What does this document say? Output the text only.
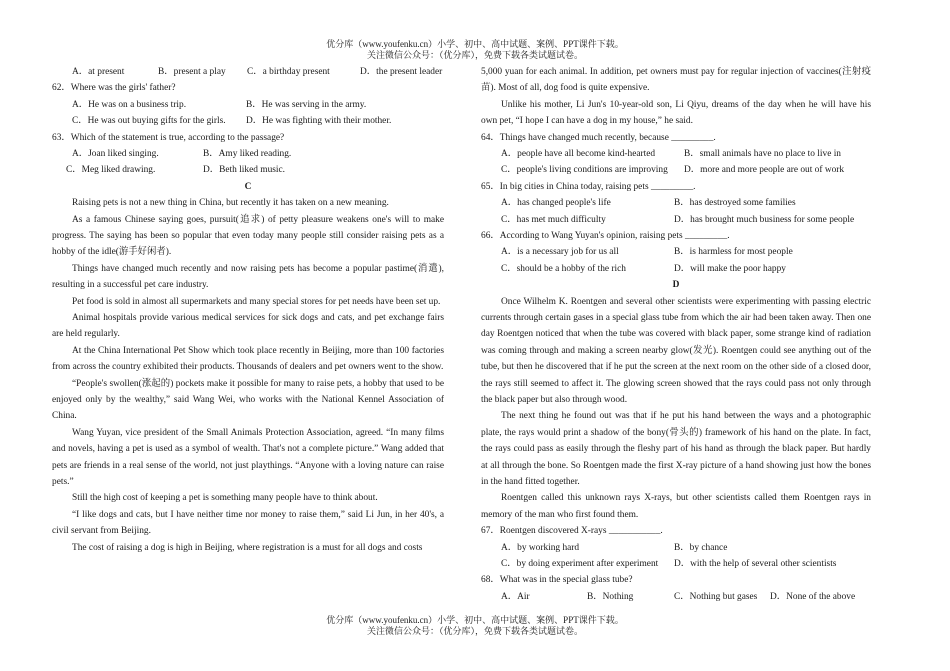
优分库（www.youfenku.cn）小学、初中、高中试题、案例、PPT课件下载。
关注微信公众号：（优分库），免费下载各类试题试卷。
A．at present	B．present a play C．a birthday present	D．the present leader
62．Where was the girls' father?
A．He was on a business trip.	B．He was serving in the army.
C．He was out buying gifts for the girls. D．He was fighting with their mother.
63．Which of the statement is true, according to the passage?
A．Joan liked singing.	B．Amy liked reading.
C．Meg liked drawing.	D．Beth liked music.
C

Raising pets is not a new thing in China, but recently it has taken on a new meaning.

As a famous Chinese saying goes, pursuit(追求) of petty pleasure weakens one's will to make progress. The saying has been so popular that even today many people still consider raising pets as a hobby of the idle(游手好闲者).

Things have changed much recently and now raising pets has become a popular pastime(消遣), resulting in a successful pet care industry.

Pet food is sold in almost all supermarkets and many special stores for pet needs have been set up.

Animal hospitals provide various medical services for sick dogs and cats, and pet exchange fairs are held regularly.

At the China International Pet Show which took place recently in Beijing, more than 100 factories from across the country exhibited their products. Thousands of dealers and pet owners went to the show.

“People's swollen(涨起的) pockets make it possible for many to raise pets, a hobby that used to be enjoyed only by the wealthy,” said Wang Wei, who works with the National Kennel Association of China.

Wang Yuyan, vice president of the Small Animals Protection Association, agreed. “In many films and novels, having a pet is used as a symbol of wealth. That's not a complete picture.” Wang added that pets are friends in a real sense of the world, not just playthings. “Anyone with a loving nature can raise pets.”

Still the high cost of keeping a pet is something many people have to think about.

“I like dogs and cats, but I have neither time nor money to raise them,” said Li Jun, in her 40's, a civil servant from Beijing.

The cost of raising a dog is high in Beijing, where registration is a must for all dogs and costs

5,000 yuan for each animal. In addition, pet owners must pay for regular injection of vaccines(注射疫苗). Most of all, dog food is quite expensive.

Unlike his mother, Li Jun's 10-year-old son, Li Qiyu, dreams of the day when he will have his own pet, “I hope I can have a dog in my house,” he said.

64．Things have changed much recently, because _________.
A．people have all become kind-hearted	B．small animals have no place to live in
C．people's living conditions are improving D．more and more people are out of work
65．In big cities in China today, raising pets _________.
A．has changed people's life	B．has destroyed some families
C．has met much difficulty	D．has brought much business for some people
66．According to Wang Yuyan's opinion, raising pets _________.
A．is a necessary job for us all	B．is harmless for most people
C．should be a hobby of the rich	D．will make the poor happy
D

Once Wilhelm K. Roentgen and several other scientists were experimenting with passing electric currents through certain gases in a special glass tube from which the air had been taken away. Then one day Roentgen noticed that when the tube was covered with black paper, some strange kind of radiation was coming through and making a screen nearby glow(发光). Roentgen could see anything out of the tube, but then he discovered that if he put the screen at the next room on the other side of a closed door, the rays still seemed to affect it. The glowing screen showed that the rays could pass not only through the black paper but also through wood.

The next thing he found out was that if he put his hand between the ways and a photographic plate, the rays would print a shadow of the bony(骨头的) framework of his hand on the plate. In fact, the rays could pass as easily through the fleshy part of his hand as through the black paper. But hardly at all through the bone. So Roentgen made the first X-ray picture of a hand showing just how the bones in the hand fitted together.

Roentgen called this unknown rays X-rays, but other scientists called them Roentgen rays in memory of the man who first found them.

67．Roentgen discovered X-rays ___________.
A．by working hard	B．by chance
C．by doing experiment after experiment D．with the help of several other scientists
68．What was in the special glass tube?
A．Air	B．Nothing	C．Nothing but gases D．None of the above
优分库（www.youfenku.cn）小学、初中、高中试题、案例、PPT课件下载。
关注微信公众号：（优分库），免费下载各类试题试卷。
